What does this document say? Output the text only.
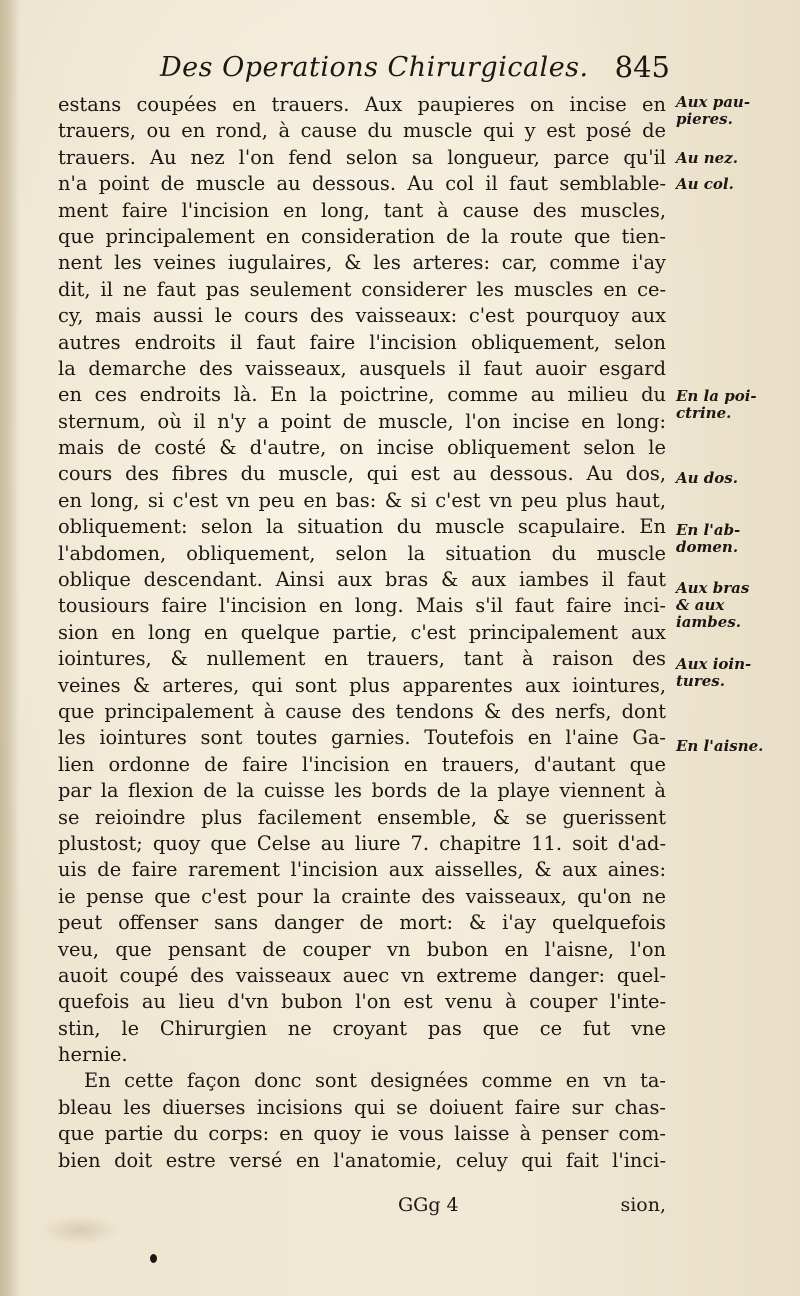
Des Operations Chirurgicales. 845
estans coupées en trauers. Aux paupieres on incise en
trauers, ou en rond, à cause du muscle qui y est posé de
trauers. Au nez l'on fend selon sa longueur, parce qu'il
n'a point de muscle au dessous. Au col il faut semblable-
ment faire l'incision en long, tant à cause des muscles,
que principalement en consideration de la route que tien-
nent les veines iugulaires, & les arteres: car, comme i'ay
dit, il ne faut pas seulement considerer les muscles en ce-
cy, mais aussi le cours des vaisseaux: c'est pourquoy aux
autres endroits il faut faire l'incision obliquement, selon
la demarche des vaisseaux, ausquels il faut auoir esgard
en ces endroits là. En la poictrine, comme au milieu du
sternum, où il n'y a point de muscle, l'on incise en long:
mais de costé & d'autre, on incise obliquement selon le
cours des fibres du muscle, qui est au dessous. Au dos,
en long, si c'est vn peu en bas: & si c'est vn peu plus haut,
obliquement: selon la situation du muscle scapulaire. En
l'abdomen, obliquement, selon la situation du muscle
oblique descendant. Ainsi aux bras & aux iambes il faut
tousiours faire l'incision en long. Mais s'il faut faire inci-
sion en long en quelque partie, c'est principalement aux
iointures, & nullement en trauers, tant à raison des
veines & arteres, qui sont plus apparentes aux iointures,
que principalement à cause des tendons & des nerfs, dont
les iointures sont toutes garnies. Toutefois en l'aine Ga-
lien ordonne de faire l'incision en trauers, d'autant que
par la flexion de la cuisse les bords de la playe viennent à
se reioindre plus facilement ensemble, & se guerissent
plustost; quoy que Celse au liure 7. chapitre 11. soit d'ad-
uis de faire rarement l'incision aux aisselles, & aux aines:
ie pense que c'est pour la crainte des vaisseaux, qu'on ne
peut offenser sans danger de mort: & i'ay quelquefois
veu, que pensant de couper vn bubon en l'aisne, l'on
auoit coupé des vaisseaux auec vn extreme danger: quel-
quefois au lieu d'vn bubon l'on est venu à couper l'inte-
stin, le Chirurgien ne croyant pas que ce fut vne
hernie.
En cette façon donc sont designées comme en vn ta-
bleau les diuerses incisions qui se doiuent faire sur chas-
que partie du corps: en quoy ie vous laisse à penser com-
bien doit estre versé en l'anatomie, celuy qui fait l'inci-
Aux pau-
pieres.
Au nez.
Au col.
En la poi-
ctrine.
Au dos.
En l'ab-
domen.
Aux bras
& aux
iambes.
Aux ioin-
tures.
En l'aisne.
GGg 4	sion,
